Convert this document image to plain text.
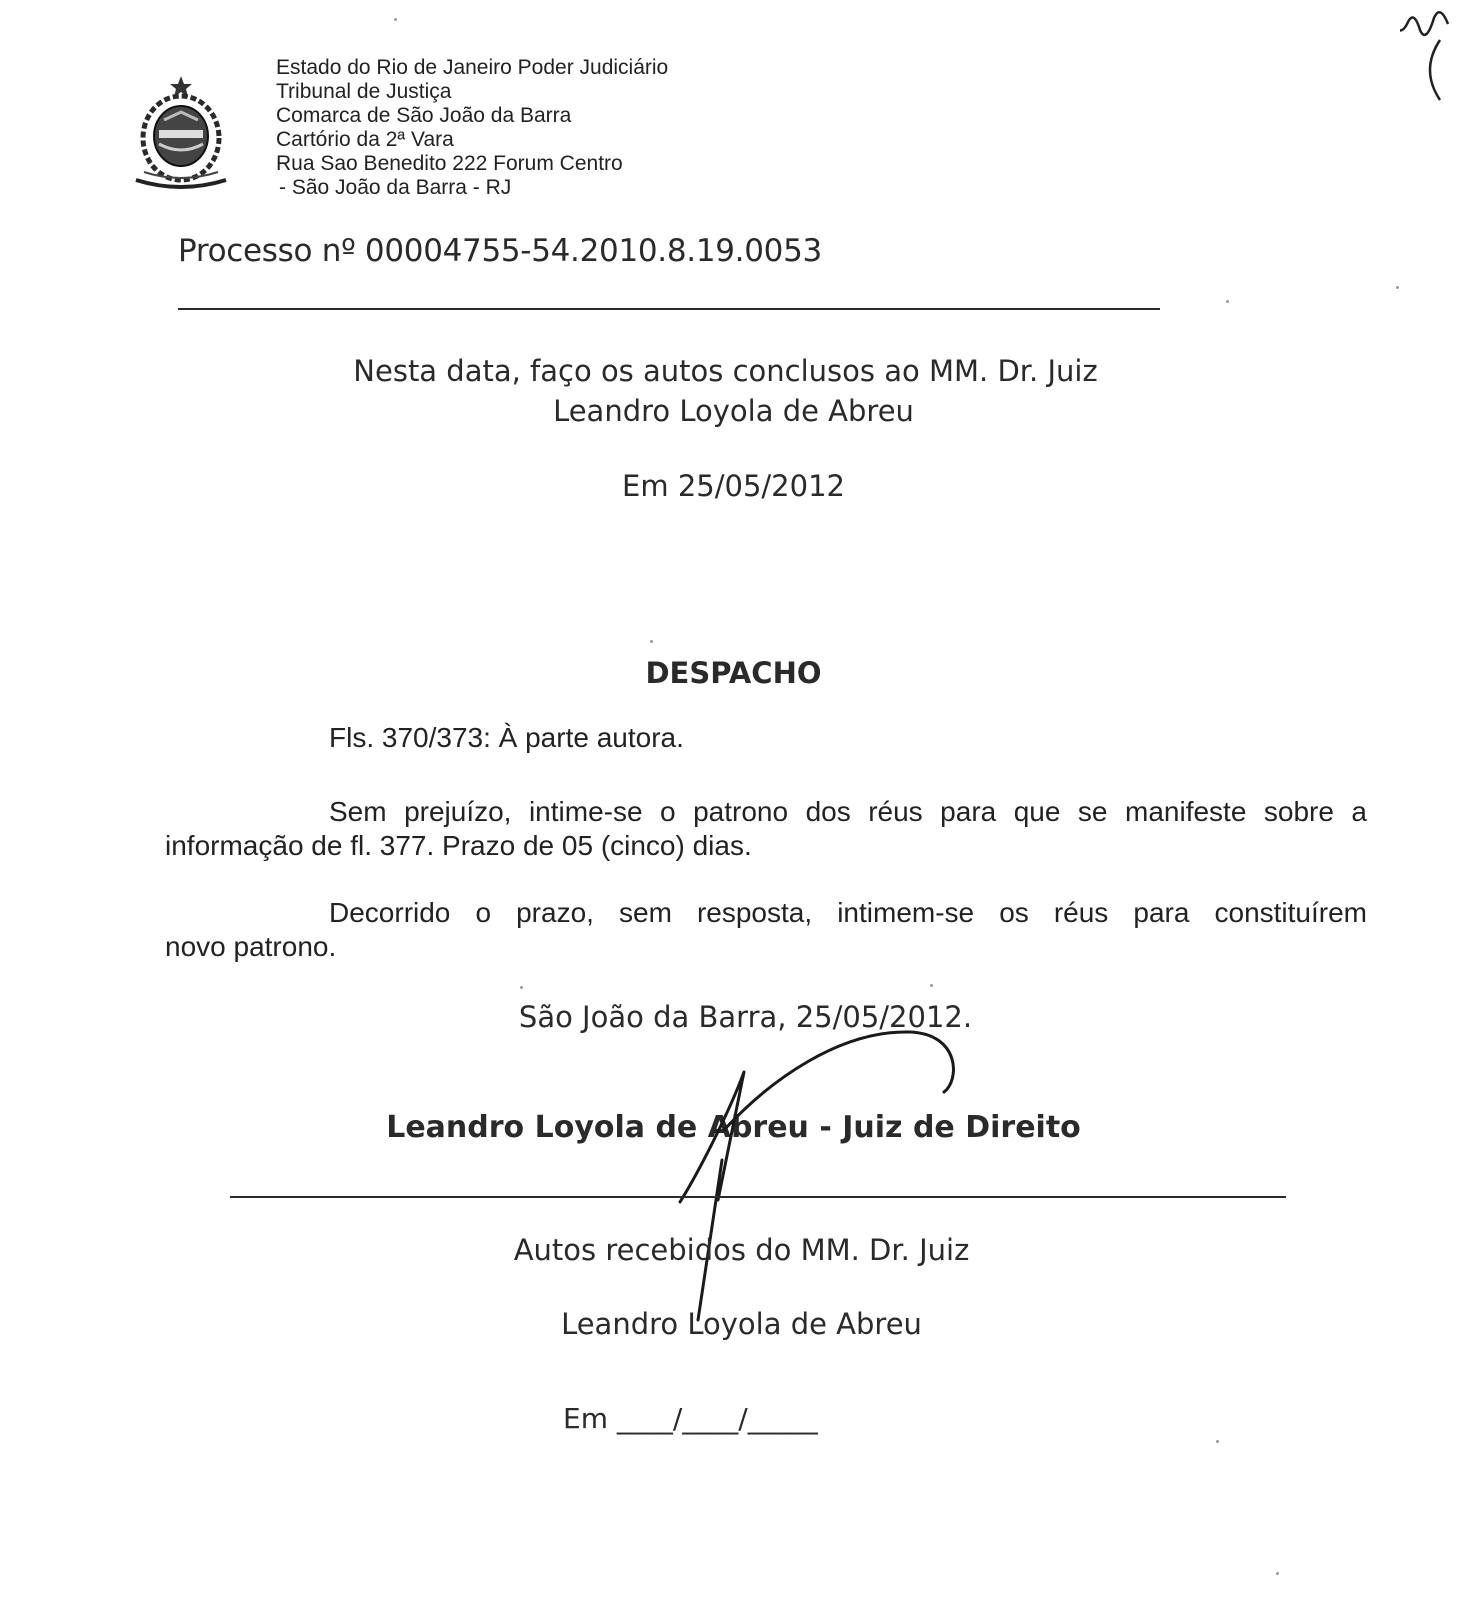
Estado do Rio de Janeiro Poder Judiciário
Tribunal de Justiça
Comarca de São João da Barra
Cartório da 2ª Vara
Rua Sao Benedito 222 Forum Centro
- São João da Barra - RJ
Processo nº 00004755-54.2010.8.19.0053
Nesta data, faço os autos conclusos ao MM. Dr. Juiz
Leandro Loyola de Abreu
Em 25/05/2012
DESPACHO
Fls. 370/373: À parte autora.
Sem prejuízo, intime-se o patrono dos réus para que se manifeste sobre a
informação de fl. 377. Prazo de 05 (cinco) dias.
Decorrido o prazo, sem resposta, intimem-se os réus para constituírem
novo patrono.
São João da Barra, 25/05/2012.
Leandro Loyola de Abreu - Juiz de Direito
Autos recebidos do MM. Dr. Juiz
Leandro Loyola de Abreu
Em ____/____/_____
